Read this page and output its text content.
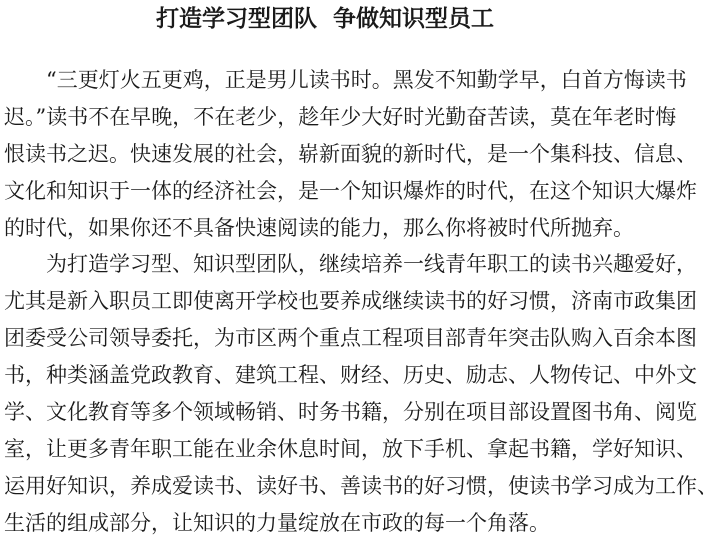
打造学习型团队  争做知识型员工
　　“三更灯火五更鸡，正是男儿读书时。黑发不知勤学早，白首方悔读书
迟。”读书不在早晚，不在老少，趁年少大好时光勤奋苦读，莫在年老时悔
恨读书之迟。快速发展的社会，崭新面貌的新时代，是一个集科技、信息、
文化和知识于一体的经济社会，是一个知识爆炸的时代，在这个知识大爆炸
的时代，如果你还不具备快速阅读的能力，那么你将被时代所抛弃。
　　为打造学习型、知识型团队，继续培养一线青年职工的读书兴趣爱好，
尤其是新入职员工即使离开学校也要养成继续读书的好习惯，济南市政集团
团委受公司领导委托，为市区两个重点工程项目部青年突击队购入百余本图
书，种类涵盖党政教育、建筑工程、财经、历史、励志、人物传记、中外文
学、文化教育等多个领域畅销、时务书籍，分别在项目部设置图书角、阅览
室，让更多青年职工能在业余休息时间，放下手机、拿起书籍，学好知识、
运用好知识，养成爱读书、读好书、善读书的好习惯，使读书学习成为工作、
生活的组成部分，让知识的力量绽放在市政的每一个角落。
